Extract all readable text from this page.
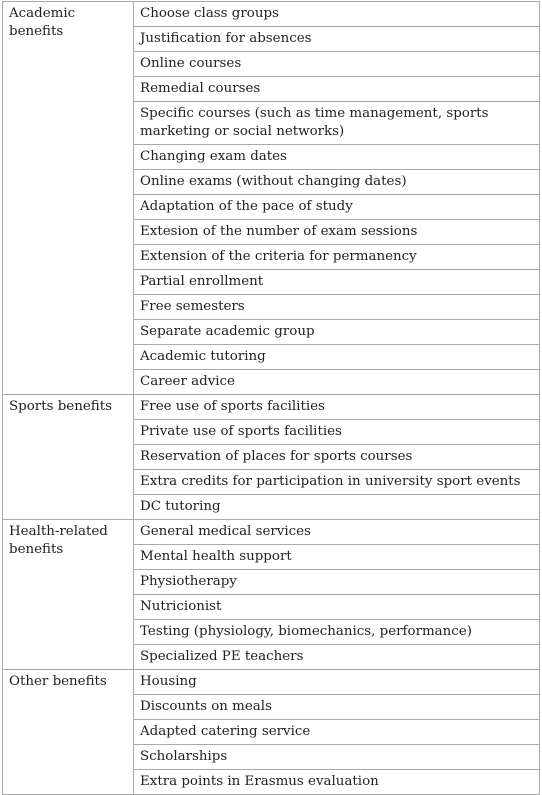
Academic benefits	Choose class groups
	Justification for absences
	Online courses
	Remedial courses
	Specific courses (such as time management, sports marketing or social networks)
	Changing exam dates
	Online exams (without changing dates)
	Adaptation of the pace of study
	Extesion of the number of exam sessions
	Extension of the criteria for permanency
	Partial enrollment
	Free semesters
	Separate academic group
	Academic tutoring
	Career advice
Sports benefits	Free use of sports facilities
	Private use of sports facilities
	Reservation of places for sports courses
	Extra credits for participation in university sport events
	DC tutoring
Health-related benefits	General medical services
	Mental health support
	Physiotherapy
	Nutricionist
	Testing (physiology, biomechanics, performance)
	Specialized PE teachers
Other benefits	Housing
	Discounts on meals
	Adapted catering service
	Scholarships
	Extra points in Erasmus evaluation
